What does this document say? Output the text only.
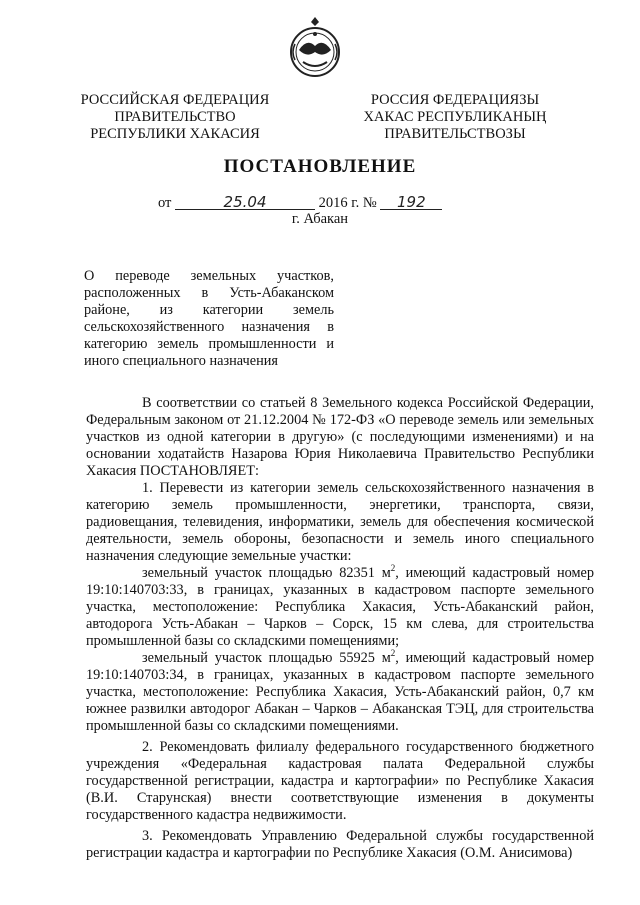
РОССИЙСКАЯ ФЕДЕРАЦИЯ
ПРАВИТЕЛЬСТВО
РЕСПУБЛИКИ ХАКАСИЯ
РОССИЯ ФЕДЕРАЦИЯЗЫ
ХАКАС РЕСПУБЛИКАНЫҢ
ПРАВИТЕЛЬСТВОЗЫ
ПОСТАНОВЛЕНИЕ
от	25.04	2016 г. № 192
г. Абакан

О переводе земельных участков, расположенных в Усть-Абаканском районе, из категории земель сельскохозяйственного назначения в категорию земель промышленности и иного специального назначения

В соответствии со статьей 8 Земельного кодекса Российской Федерации, Федеральным законом от 21.12.2004 № 172-ФЗ «О переводе земель или земельных участков из одной категории в другую» (с последующими изменениями) и на основании ходатайств Назарова Юрия Николаевича Правительство Республики Хакасия ПОСТАНОВЛЯЕТ:

1. Перевести из категории земель сельскохозяйственного назначения в категорию земель промышленности, энергетики, транспорта, связи, радиовещания, телевидения, информатики, земель для обеспечения космической деятельности, земель обороны, безопасности и земель иного специального назначения следующие земельные участки:

земельный участок площадью 82351 $м^2$, имеющий кадастровый номер 19:10:140703:33, в границах, указанных в кадастровом паспорте земельного участка, местоположение: Республика Хакасия, Усть-Абаканский район, автодорога Усть-Абакан – Чарков – Сорск, 15 км слева, для строительства промышленной базы со складскими помещениями;

земельный участок площадью 55925 $м^2$, имеющий кадастровый номер 19:10:140703:34, в границах, указанных в кадастровом паспорте земельного участка, местоположение: Республика Хакасия, Усть-Абаканский район, 0,7 км южнее развилки автодорог Абакан – Чарков – Абаканская ТЭЦ, для строительства промышленной базы со складскими помещениями.

2. Рекомендовать филиалу федерального государственного бюджетного учреждения «Федеральная кадастровая палата Федеральной службы государственной регистрации, кадастра и картографии» по Республике Хакасия (В.И. Старунская) внести соответствующие изменения в документы государственного кадастра недвижимости.

3. Рекомендовать Управлению Федеральной службы государственной регистрации кадастра и картографии по Республике Хакасия (О.М. Анисимова)
